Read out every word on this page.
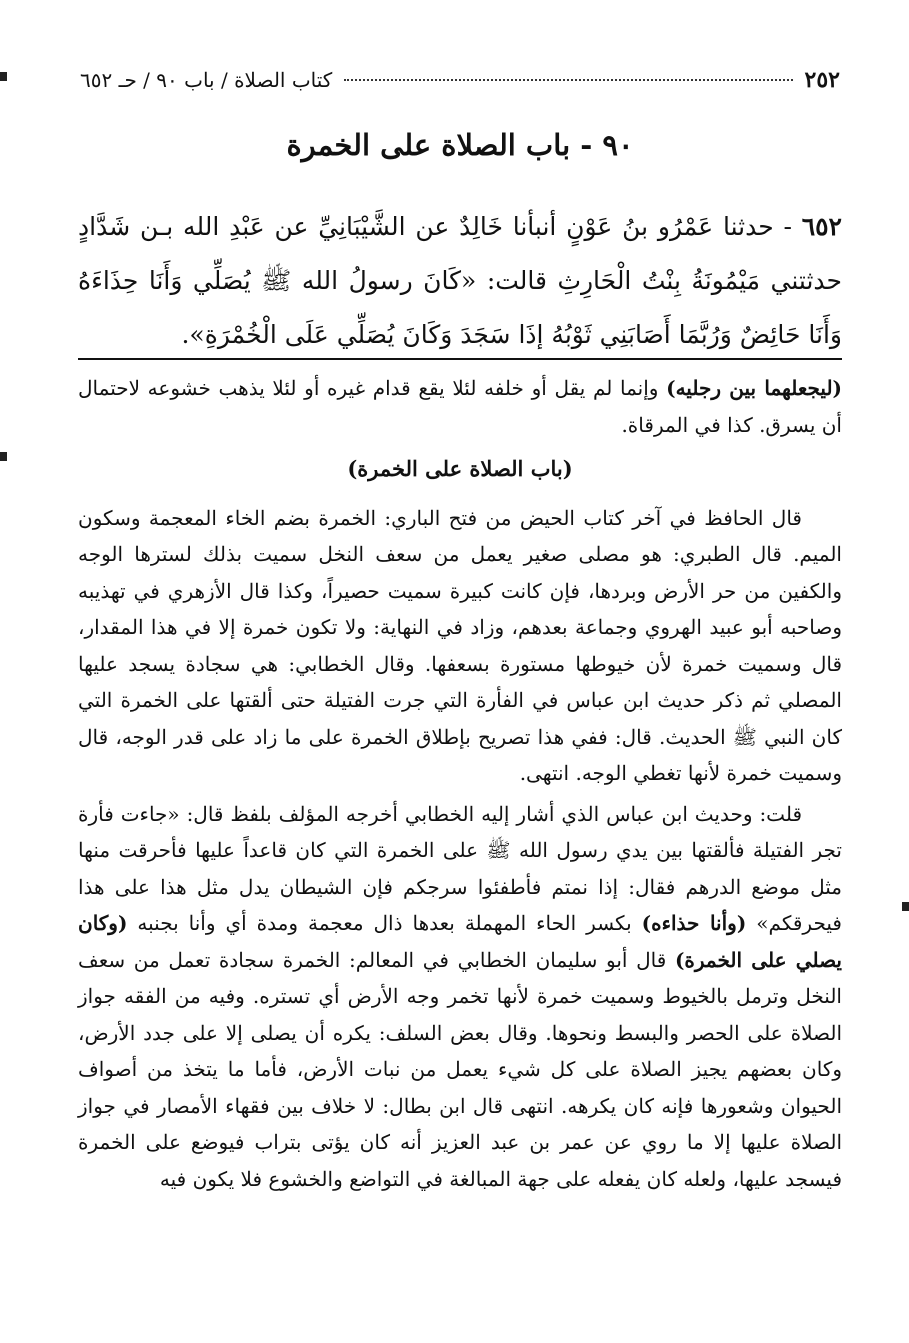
٢٥٢
كتاب الصلاة / باب ٩٠ / حـ ٦٥٢
٩٠ - باب الصلاة على الخمرة
٦٥٢ - حدثنا عَمْرُو بنُ عَوْنٍ أنبأنا خَالِدٌ عن الشَّيْبَانِيِّ عن عَبْدِ الله بـن شَدَّادٍ حدثتني مَيْمُونَةُ بِنْتُ الْحَارِثِ قالت: «كَانَ رسولُ الله ﷺ يُصَلِّي وَأَنَا حِذَاءَهُ وَأَنَا حَائِضٌ وَرُبَّمَا أَصَابَنِي ثَوْبُهُ إذَا سَجَدَ وَكَانَ يُصَلِّي عَلَى الْخُمْرَةِ».

(ليجعلهما بين رجليه) وإنما لم يقل أو خلفه لئلا يقع قدام غيره أو لئلا يذهب خشوعه لاحتمال أن يسرق. كذا في المرقاة.

(باب الصلاة على الخمرة)

قال الحافظ في آخر كتاب الحيض من فتح الباري: الخمرة بضم الخاء المعجمة وسكون الميم. قال الطبري: هو مصلى صغير يعمل من سعف النخل سميت بذلك لسترها الوجه والكفين من حر الأرض وبردها، فإن كانت كبيرة سميت حصيراً، وكذا قال الأزهري في تهذيبه وصاحبه أبو عبيد الهروي وجماعة بعدهم، وزاد في النهاية: ولا تكون خمرة إلا في هذا المقدار، قال وسميت خمرة لأن خيوطها مستورة بسعفها. وقال الخطابي: هي سجادة يسجد عليها المصلي ثم ذكر حديث ابن عباس في الفأرة التي جرت الفتيلة حتى ألقتها على الخمرة التي كان النبي ﷺ الحديث. قال: ففي هذا تصريح بإطلاق الخمرة على ما زاد على قدر الوجه، قال وسميت خمرة لأنها تغطي الوجه. انتهى.

قلت: وحديث ابن عباس الذي أشار إليه الخطابي أخرجه المؤلف بلفظ قال: «جاءت فأرة تجر الفتيلة فألقتها بين يدي رسول الله ﷺ على الخمرة التي كان قاعداً عليها فأحرقت منها مثل موضع الدرهم فقال: إذا نمتم فأطفئوا سرجكم فإن الشيطان يدل مثل هذا على هذا فيحرقكم» (وأنا حذاءه) بكسر الحاء المهملة بعدها ذال معجمة ومدة أي وأنا بجنبه (وكان يصلي على الخمرة) قال أبو سليمان الخطابي في المعالم: الخمرة سجادة تعمل من سعف النخل وترمل بالخيوط وسميت خمرة لأنها تخمر وجه الأرض أي تستره. وفيه من الفقه جواز الصلاة على الحصر والبسط ونحوها. وقال بعض السلف: يكره أن يصلى إلا على جدد الأرض، وكان بعضهم يجيز الصلاة على كل شيء يعمل من نبات الأرض، فأما ما يتخذ من أصواف الحيوان وشعورها فإنه كان يكرهه. انتهى قال ابن بطال: لا خلاف بين فقهاء الأمصار في جواز الصلاة عليها إلا ما روي عن عمر بن عبد العزيز أنه كان يؤتى بتراب فيوضع على الخمرة فيسجد عليها، ولعله كان يفعله على جهة المبالغة في التواضع والخشوع فلا يكون فيه
